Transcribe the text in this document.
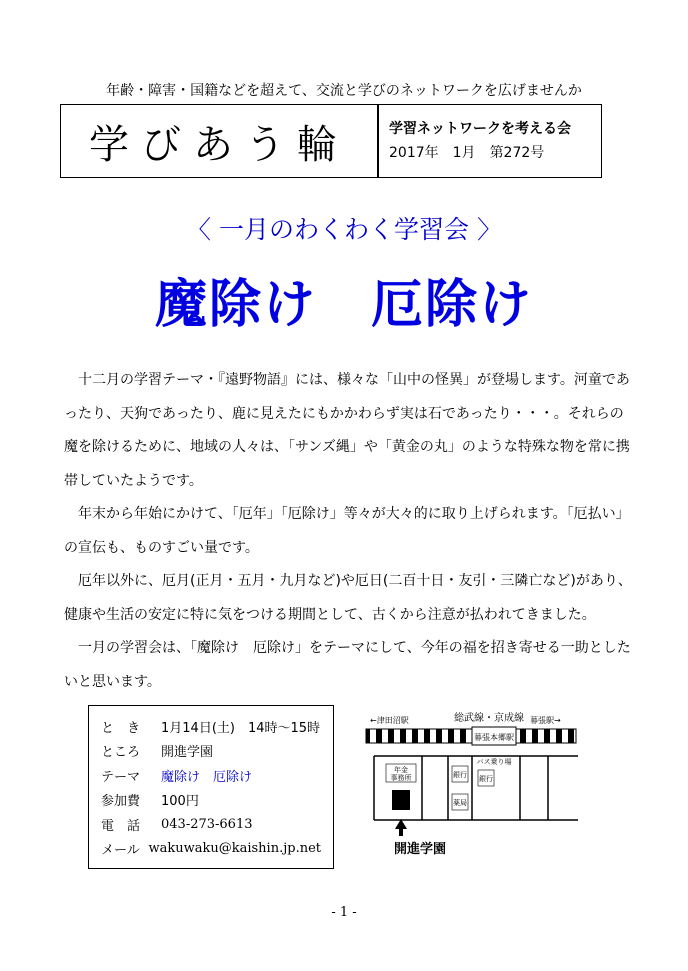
年齢・障害・国籍などを超えて、交流と学びのネットワークを広げませんか
学びあう輪	学習ネットワークを考える会
2017年 1月 第272号
〈 一月のわくわく学習会 〉
魔除け　厄除け

十二月の学習テーマ・『遠野物語』には、様々な「山中の怪異」が登場します。河童であったり、天狗であったり、鹿に見えたにもかかわらず実は石であったり・・・。それらの魔を除けるために、地域の人々は、「サンズ縄」や「黄金の丸」のような特殊な物を常に携帯していたようです。

年末から年始にかけて、「厄年」「厄除け」等々が大々的に取り上げられます。「厄払い」の宣伝も、ものすごい量です。

厄年以外に、厄月(正月・五月・九月など)や厄日(二百十日・友引・三隣亡など)があり、健康や生活の安定に特に気をつける期間として、古くから注意が払われてきました。

一月の学習会は、「魔除け　厄除け」をテーマにして、今年の福を招き寄せる一助としたいと思います。

と　き	1月14日(土)　14時～15時
ところ	開進学園
テーマ	魔除け　厄除け
参加費	100円
電　話	043-273-6613
メール wakuwaku@kaishin.jp.net
←津田沼駅	総武線・京成線 幕張駅→
幕張本郷駅
年金
事務所	銀行
薬局
バス乗り場
銀行
開進学園
- 1 -
